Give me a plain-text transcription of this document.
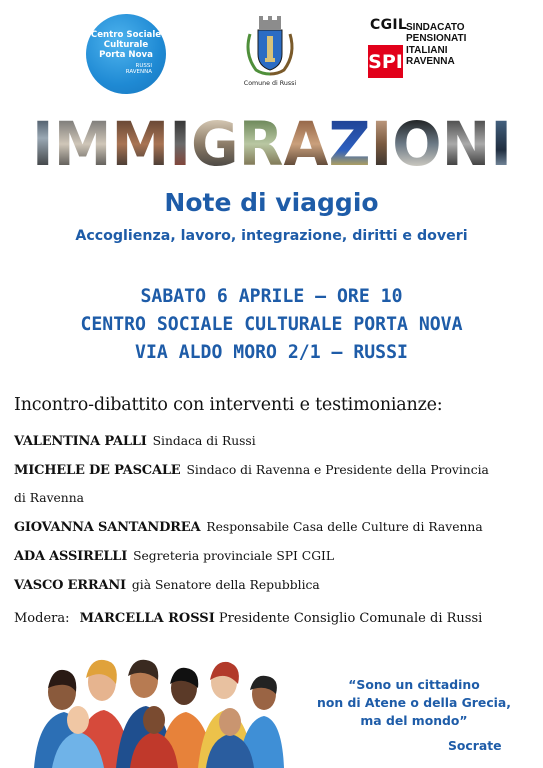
Centro Sociale
Culturale
Porta Nova
RUSSI
RAVENNA
Comune di Russi
CGIL
SPI
SINDACATO
PENSIONATI
ITALIANI
RAVENNA
I M M I G R A Z I O N I
Note di viaggio
Accoglienza, lavoro, integrazione, diritti e doveri
SABATO 6 APRILE – ORE 10
CENTRO SOCIALE CULTURALE PORTA NOVA
VIA ALDO MORO 2/1 – RUSSI
Incontro-dibattito con interventi e testimonianze:
VALENTINA PALLI Sindaca di Russi
MICHELE DE PASCALE Sindaco di Ravenna e Presidente della Provincia
di Ravenna
GIOVANNA SANTANDREA Responsabile Casa delle Culture di Ravenna
ADA ASSIRELLI Segreteria provinciale SPI CGIL
VASCO ERRANI già Senatore della Repubblica
Modera: MARCELLA ROSSI Presidente Consiglio Comunale di Russi
“Sono un cittadino
non di Atene o della Grecia,
ma del mondo”
Socrate
